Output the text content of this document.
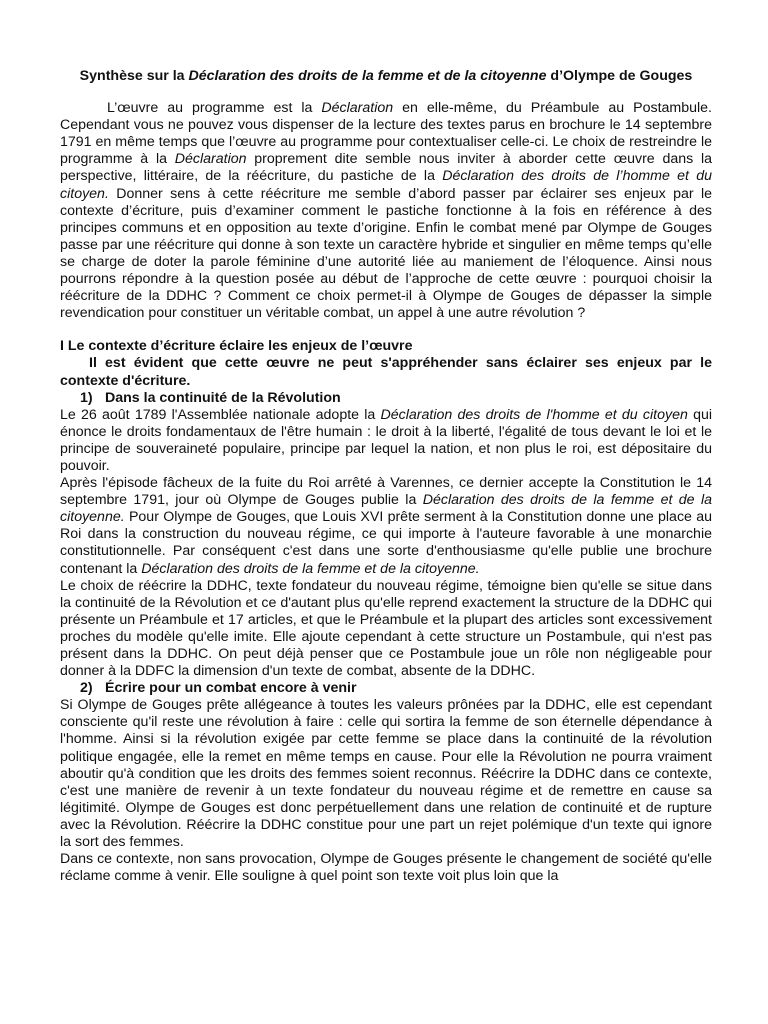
Synthèse sur la Déclaration des droits de la femme et de la citoyenne d’Olympe de Gouges

L’œuvre au programme est la Déclaration en elle-même, du Préambule au Postambule. Cependant vous ne pouvez vous dispenser de la lecture des textes parus en brochure le 14 septembre 1791 en même temps que l’œuvre au programme pour contextualiser celle-ci. Le choix de restreindre le programme à la Déclaration proprement dite semble nous inviter à aborder cette œuvre dans la perspective, littéraire, de la réécriture, du pastiche de la Déclaration des droits de l’homme et du citoyen. Donner sens à cette réécriture me semble d’abord passer par éclairer ses enjeux par le contexte d’écriture, puis d’examiner comment le pastiche fonctionne à la fois en référence à des principes communs et en opposition au texte d’origine. Enfin le combat mené par Olympe de Gouges passe par une réécriture qui donne à son texte un caractère hybride et singulier en même temps qu’elle se charge de doter la parole féminine d’une autorité liée au maniement de l’éloquence. Ainsi nous pourrons répondre à la question posée au début de l’approche de cette œuvre : pourquoi choisir la réécriture de la DDHC ? Comment ce choix permet-il à Olympe de Gouges de dépasser la simple revendication pour constituer un véritable combat, un appel à une autre révolution ?

I Le contexte d’écriture éclaire les enjeux de l’œuvre

Il est évident que cette œuvre ne peut s'appréhender sans éclairer ses enjeux par le contexte d'écriture.

1) Dans la continuité de la Révolution

Le 26 août 1789 l'Assemblée nationale adopte la Déclaration des droits de l'homme et du citoyen qui énonce le droits fondamentaux de l'être humain : le droit à la liberté, l'égalité de tous devant le loi et le principe de souveraineté populaire, principe par lequel la nation, et non plus le roi, est dépositaire du pouvoir.

Après l'épisode fâcheux de la fuite du Roi arrêté à Varennes, ce dernier accepte la Constitution le 14 septembre 1791, jour où Olympe de Gouges publie la Déclaration des droits de la femme et de la citoyenne. Pour Olympe de Gouges, que Louis XVI prête serment à la Constitution donne une place au Roi dans la construction du nouveau régime, ce qui importe à l'auteure favorable à une monarchie constitutionnelle. Par conséquent c'est dans une sorte d'enthousiasme qu'elle publie une brochure contenant la Déclaration des droits de la femme et de la citoyenne.

Le choix de réécrire la DDHC, texte fondateur du nouveau régime, témoigne bien qu'elle se situe dans la continuité de la Révolution et ce d'autant plus qu'elle reprend exactement la structure de la DDHC qui présente un Préambule et 17 articles, et que le Préambule et la plupart des articles sont excessivement proches du modèle qu'elle imite. Elle ajoute cependant à cette structure un Postambule, qui n'est pas présent dans la DDHC. On peut déjà penser que ce Postambule joue un rôle non négligeable pour donner à la DDFC la dimension d'un texte de combat, absente de la DDHC.

2) Écrire pour un combat encore à venir

Si Olympe de Gouges prête allégeance à toutes les valeurs prônées par la DDHC, elle est cependant consciente qu'il reste une révolution à faire : celle qui sortira la femme de son éternelle dépendance à l'homme. Ainsi si la révolution exigée par cette femme se place dans la continuité de la révolution politique engagée, elle la remet en même temps en cause. Pour elle la Révolution ne pourra vraiment aboutir qu'à condition que les droits des femmes soient reconnus. Réécrire la DDHC dans ce contexte, c'est une manière de revenir à un texte fondateur du nouveau régime et de remettre en cause sa légitimité. Olympe de Gouges est donc perpétuellement dans une relation de continuité et de rupture avec la Révolution. Réécrire la DDHC constitue pour une part un rejet polémique d'un texte qui ignore la sort des femmes.

Dans ce contexte, non sans provocation, Olympe de Gouges présente le changement de société qu'elle réclame comme à venir. Elle souligne à quel point son texte voit plus loin que la
